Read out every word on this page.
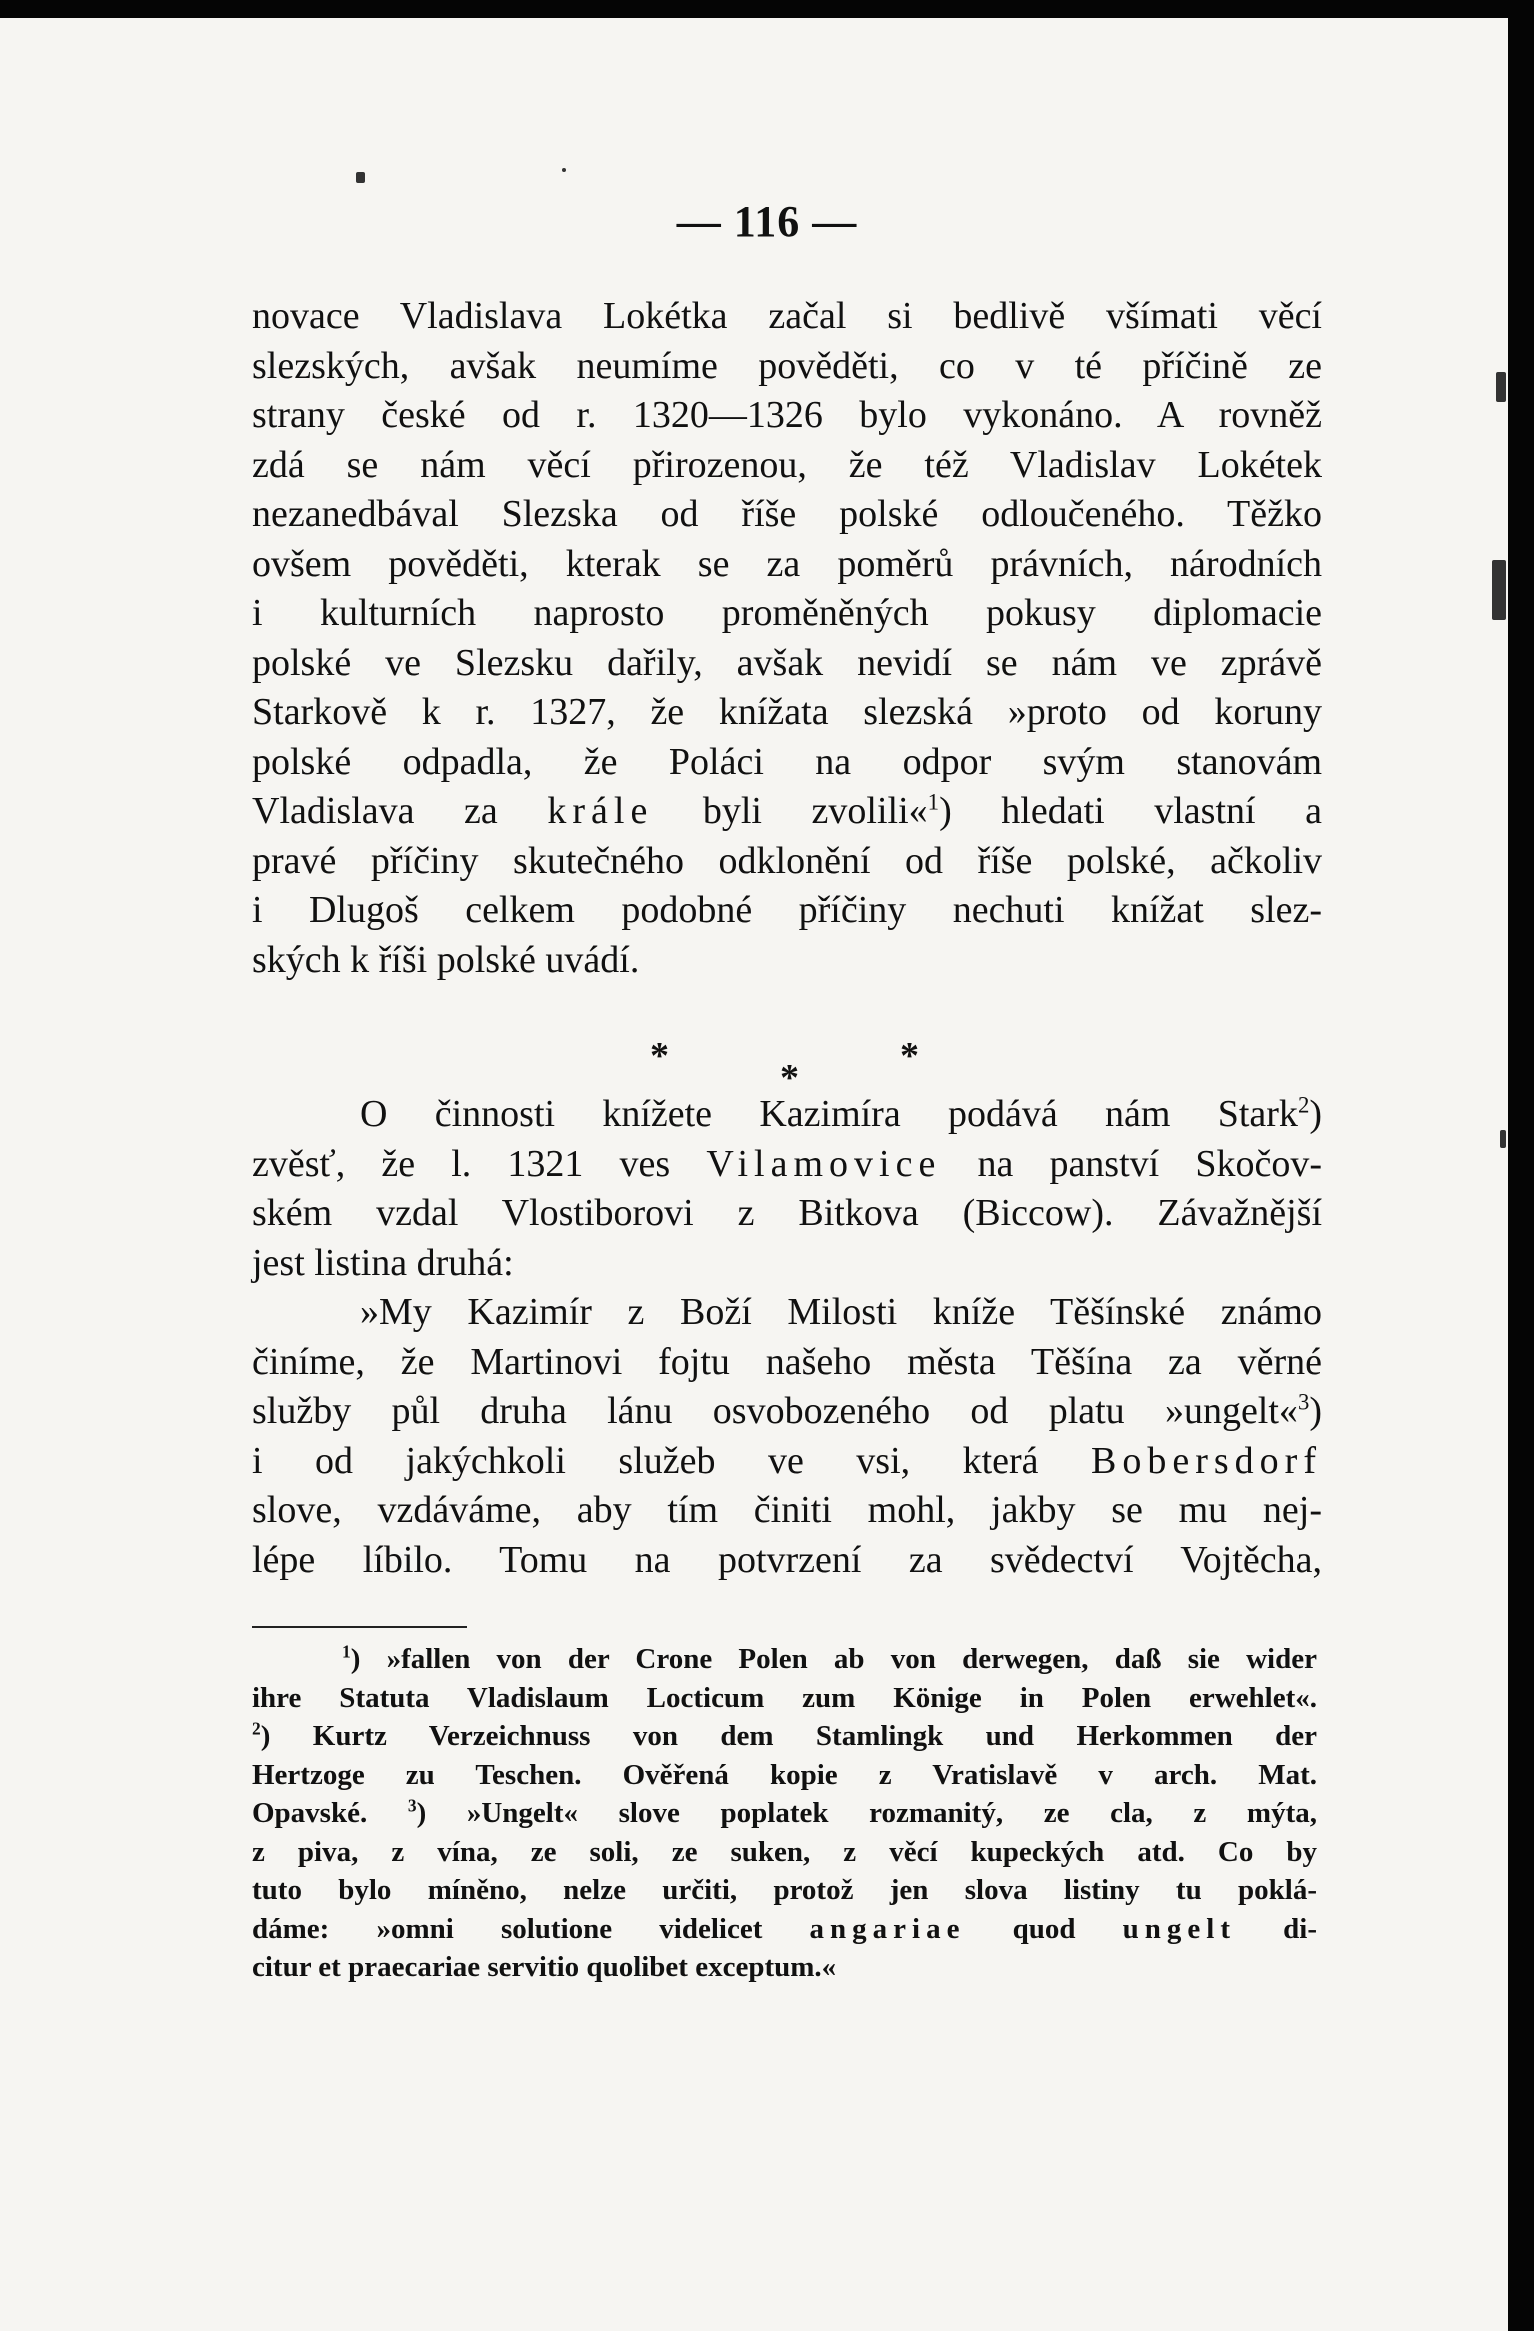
— 116 —
novace Vladislava Lokétka začal si bedlivě všímati věcí
slezských, avšak neumíme pověděti, co v té příčině ze
strany české od r. 1320—1326 bylo vykonáno. A rovněž
zdá se nám věcí přirozenou, že též Vladislav Lokétek
nezanedbával Slezska od říše polské odloučeného. Těžko
ovšem pověděti, kterak se za poměrů právních, národních
i kulturních naprosto proměněných pokusy diplomacie
polské ve Slezsku dařily, avšak nevidí se nám ve zprávě
Starkově k r. 1327, že knížata slezská »proto od koruny
polské odpadla, že Poláci na odpor svým stanovám
Vladislava za krále byli zvolili«$^1$) hledati vlastní a
pravé příčiny skutečného odklonění od říše polské, ačkoliv
i Dlugoš celkem podobné příčiny nechuti knížat slez-
ských k říši polské uvádí.
*
*
*
O činnosti knížete Kazimíra podává nám Stark$^2$)
zvěsť, že l. 1321 ves Vilamovice na panství Skočov-
ském vzdal Vlostiborovi z Bitkova (Biccow). Závažnější
jest listina druhá:
»My Kazimír z Boží Milosti kníže Těšínské známo
činíme, že Martinovi fojtu našeho města Těšína za věrné
služby půl druha lánu osvobozeného od platu »ungelt«$^3$)
i od jakýchkoli služeb ve vsi, která Bobersdorf
slove, vzdáváme, aby tím činiti mohl, jakby se mu nej-
lépe líbilo. Tomu na potvrzení za svědectví Vojtěcha,
$^1$) »fallen von der Crone Polen ab von derwegen, daß sie wider
ihre Statuta Vladislaum Locticum zum Könige in Polen erwehlet«.
$^2$) Kurtz Verzeichnuss von dem Stamlingk und Herkommen der
Hertzoge zu Teschen. Ověřená kopie z Vratislavě v arch. Mat.
Opavské. $^3$) »Ungelt« slove poplatek rozmanitý, ze cla, z mýta,
z piva, z vína, ze soli, ze suken, z věcí kupeckých atd. Co by
tuto bylo míněno, nelze určiti, protož jen slova listiny tu poklá-
dáme: »omni solutione videlicet angariae quod ungelt di-
citur et praecariae servitio quolibet exceptum.«
